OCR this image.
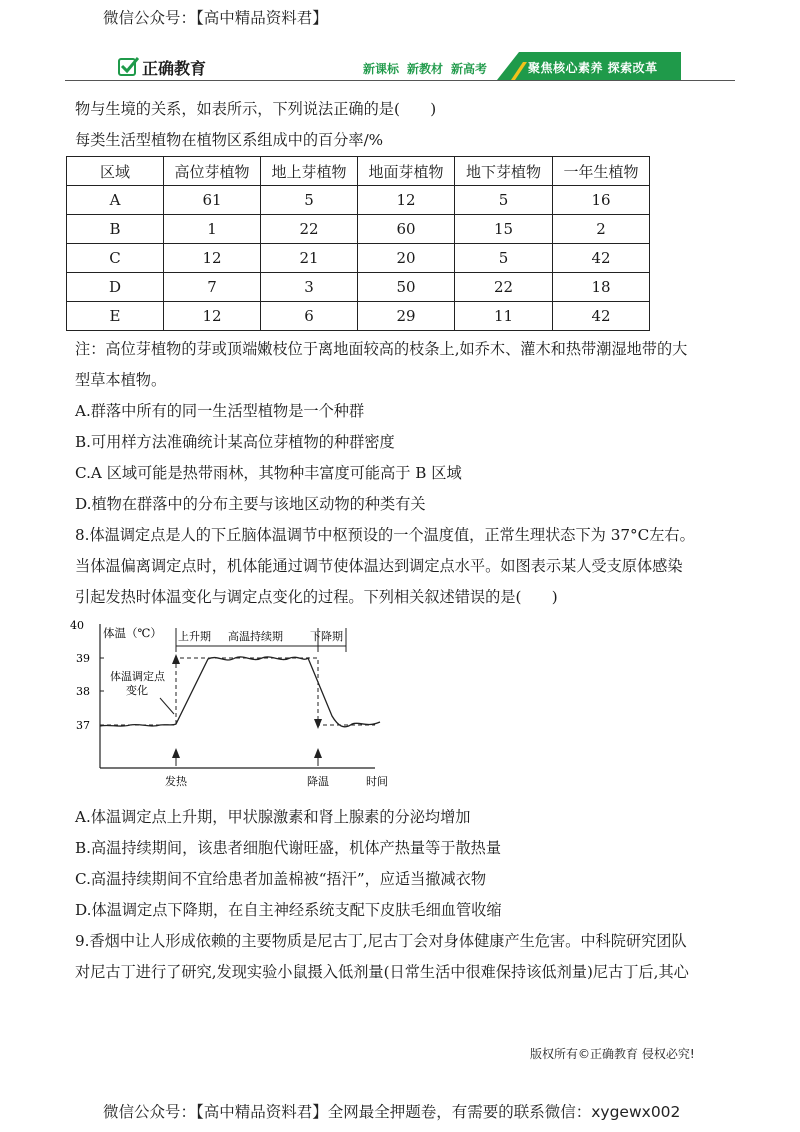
微信公众号：【高中精品资料君】
正确教育	新课标 新教材 新高考	聚焦核心素养 探索改革
物与生境的关系，如表所示，下列说法正确的是(　　)
每类生活型植物在植物区系组成中的百分率/%
区域	高位芽植物	地上芽植物	地面芽植物	地下芽植物	一年生植物
A	61	5	12	5	16
B	1	22	60	15	2
C	12	21	20	5	42
D	7	3	50	22	18
E	12	6	29	11	42
注：高位芽植物的芽或顶端嫩枝位于离地面较高的枝条上,如乔木、灌木和热带潮湿地带的大
型草本植物。
A.群落中所有的同一生活型植物是一个种群
B.可用样方法准确统计某高位芽植物的种群密度
C.A 区域可能是热带雨林，其物种丰富度可能高于 B 区域
D.植物在群落中的分布主要与该地区动物的种类有关
8.体温调定点是人的下丘脑体温调节中枢预设的一个温度值，正常生理状态下为 37°C左右。
当体温偏离调定点时，机体能通过调节使体温达到调定点水平。如图表示某人受支原体感染
引起发热时体温变化与调定点变化的过程。下列相关叙述错误的是(　　)
体温（℃）
40
39
38
37
上升期 高温持续期 下降期
体温调定点
变化
发热	降温	时间
A.体温调定点上升期，甲状腺激素和肾上腺素的分泌均增加
B.高温持续期间，该患者细胞代谢旺盛，机体产热量等于散热量
C.高温持续期间不宜给患者加盖棉被“捂汗”，应适当撤减衣物
D.体温调定点下降期，在自主神经系统支配下皮肤毛细血管收缩
9.香烟中让人形成依赖的主要物质是尼古丁,尼古丁会对身体健康产生危害。中科院研究团队
对尼古丁进行了研究,发现实验小鼠摄入低剂量(日常生活中很难保持该低剂量)尼古丁后,其心
版权所有©正确教育 侵权必究!
微信公众号：【高中精品资料君】全网最全押题卷，有需要的联系微信：xygewx002
